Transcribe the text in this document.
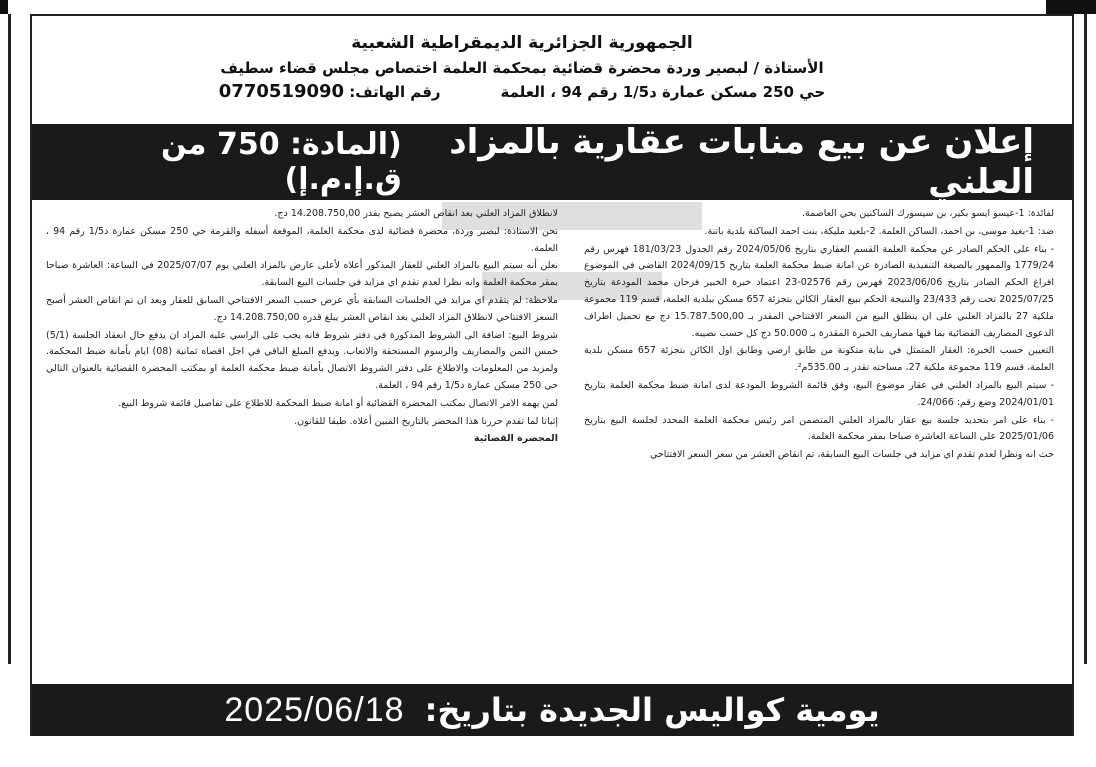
الجمهورية الجزائرية الديمقراطية الشعبية
الأستاذة / لبصير وردة محضرة قضائية بمحكمة العلمة اختصاص مجلس قضاء سطيف
حي 250 مسكن عمارة د1/5 رقم 94 ، العلمة
رقم الهاتف: 0770519090
إعلان عن بيع منابات عقارية بالمزاد العلني
(المادة: 750 من ق.إ.م.إ)

لفائدة: 1-عيسو ايسو بكير، بن سيسورك الساكنين بحي العاصمة.

ضد: 1-بغيد موسى، بن احمد، الساكن العلمة. 2-بلعيد مليكة، بنت احمد الساكنة بلدية باتنة.

- بناء على الحكم الصادر عن محكمة العلمة القسم العقاري بتاريخ 2024/05/06 رقم الجدول 181/03/23 فهرس رقم 1779/24 والممهور بالصيغة التنفيذية الصادرة عن امانة ضبط محكمة العلمة بتاريخ 2024/09/15 القاضي في الموضوع افراغ الحكم الصادر بتاريخ 2023/06/06 فهرس رقم 02576-23 اعتماد خبرة الخبير فرحان محمد المودعة بتاريخ 2025/07/25 تحت رقم 23/433 والنتيجة الحكم ببيع العقار الكائن بتجزئة 657 مسكن ببلدية العلمة، قسم 119 مجموعة ملكية 27 بالمزاد العلني على ان ينطلق البيع من السعر الافتتاحي المقدر بـ 15.787.500,00 دج مع تحميل اطراف الدعوى المصاريف القضائية بما فيها مصاريف الخبرة المقدرة بـ 50.000 دج كل حسب نصيبه.

التعيين حسب الخبرة: العقار المتمثل في بناية متكونة من طابق ارضي وطابق اول الكائن بتجزئة 657 مسكن بلدية العلمة، قسم 119 مجموعة ملكية 27، مساحته تقدر بـ 535.00م².

- سيتم البيع بالمزاد العلني في عقار موضوع البيع، وفق قائمة الشروط المودعة لدى امانة ضبط محكمة العلمة بتاريخ 2024/01/01 وضع رقم: 24/066.

- بناء على امر بتحديد جلسة بيع عقار بالمزاد العلني المتضمن امر رئيس محكمة العلمة المحدد لجلسة البيع بتاريخ 2025/01/06 على الساعة العاشرة صباحا بمقر محكمة العلمة.

حث انه ونظرا لعدم تقدم اي مزايد في جلسات البيع السابقة، تم انقاص العشر من سعر السعر الافتتاحي

لانطلاق المزاد العلني بعد انقاص العشر يصبح بقدر 14.208.750,00 دج.

نحن الاستاذة: لبصير وردة، محضرة قضائية لدى محكمة العلمة، الموقعة أسفله والقرمة حي 250 مسكن عمارة د1/5 رقم 94 ، العلمة.

نعلن أنه سيتم البيع بالمزاد العلني للعقار المذكور أعلاه لأعلى عارض بالمزاد العلني يوم 2025/07/07 في الساعة: العاشرة صباحا بمقر محكمة العلمة وانه نظرا لعدم تقدم اي مزايد في جلسات البيع السابقة.

ملاحظة: لم يتقدم اي مزايد في الجلسات السابقة بأي عرض حسب السعر الافتتاحي السابق للعقار وبعد ان تم انقاص العشر أصبح السعر الافتتاحي لانطلاق المزاد العلني بعد انقاص العشر يبلغ قدره 14.208.750,00 دج.

شروط البيع: اضافة الى الشروط المذكورة في دفتر شروط فانه يجب على الراسي عليه المزاد ان يدفع حال انعقاد الجلسة (5/1) خمس الثمن والمصاريف والرسوم المستحقة والاتعاب. ويدفع المبلغ الباقي في اجل اقصاه ثمانية (08) ايام بأمانة ضبط المحكمة. ولمزيد من المعلومات والاطلاع على دفتر الشروط الاتصال بأمانة ضبط محكمة العلمة او بمكتب المحضرة القضائية بالعنوان التالي حي 250 مسكن عمارة د1/5 رقم 94 ، العلمة.

لمن يهمه الامر الاتصال بمكتب المحضرة القضائية أو امانة ضبط المحكمة للاطلاع على تفاصيل قائمة شروط البيع.

إثباتا لما تقدم حررنا هذا المحضر بالتاريخ المبين أعلاه. طبقا للقانون.

المحضرة القضائية

يومية كواليس الجديدة بتاريخ:
2025/06/18
